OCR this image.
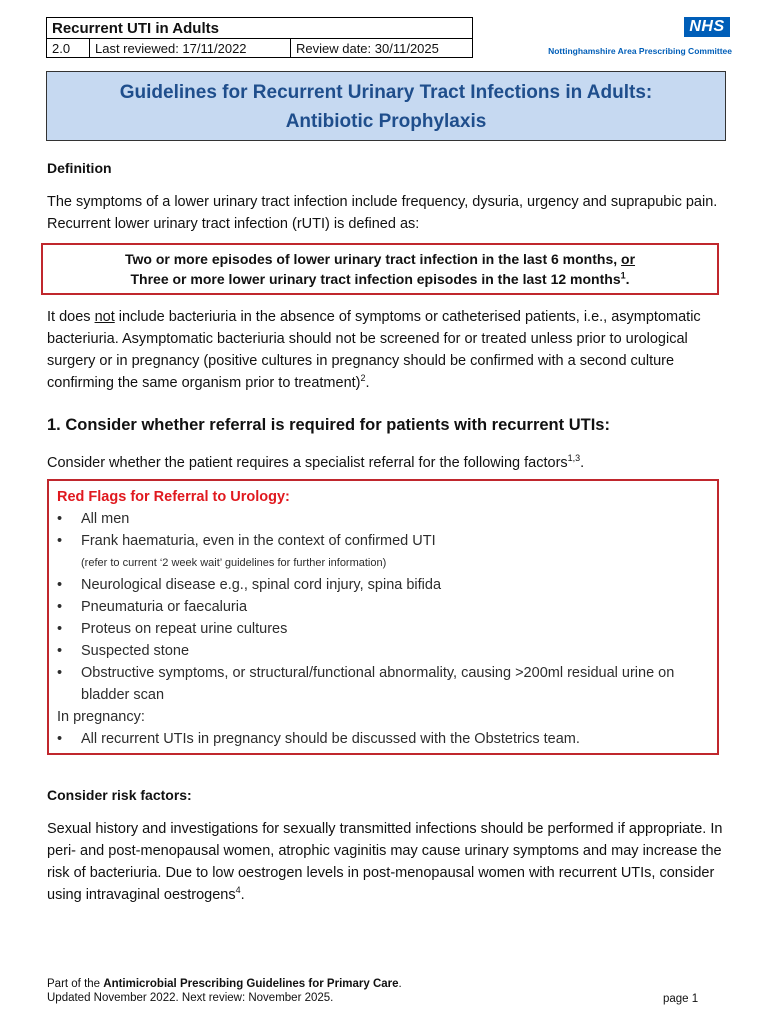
Recurrent UTI in Adults
2.0	Last reviewed: 17/11/2022	Review date: 30/11/2025
NHS
Nottinghamshire Area Prescribing Committee
Guidelines for Recurrent Urinary Tract Infections in Adults:
Antibiotic Prophylaxis
Definition
The symptoms of a lower urinary tract infection include frequency, dysuria, urgency and suprapubic pain. Recurrent lower urinary tract infection (rUTI) is defined as:
Two or more episodes of lower urinary tract infection in the last 6 months, or
Three or more lower urinary tract infection episodes in the last 12 months$^1$.
It does not include bacteriuria in the absence of symptoms or catheterised patients, i.e., asymptomatic bacteriuria. Asymptomatic bacteriuria should not be screened for or treated unless prior to urological surgery or in pregnancy (positive cultures in pregnancy should be confirmed with a second culture confirming the same organism prior to treatment)$^2$.
1. Consider whether referral is required for patients with recurrent UTIs:
Consider whether the patient requires a specialist referral for the following factors$^{1,3}$.
Red Flags for Referral to Urology:
• All men
• Frank haematuria, even in the context of confirmed UTI
(refer to current ‘2 week wait’ guidelines for further information)
• Neurological disease e.g., spinal cord injury, spina bifida
• Pneumaturia or faecaluria
• Proteus on repeat urine cultures
• Suspected stone
• Obstructive symptoms, or structural/functional abnormality, causing >200ml residual urine on bladder scan
In pregnancy:
• All recurrent UTIs in pregnancy should be discussed with the Obstetrics team.
Consider risk factors:
Sexual history and investigations for sexually transmitted infections should be performed if appropriate. In peri- and post-menopausal women, atrophic vaginitis may cause urinary symptoms and may increase the risk of bacteriuria. Due to low oestrogen levels in post-menopausal women with recurrent UTIs, consider using intravaginal oestrogens$^4$.
Part of the Antimicrobial Prescribing Guidelines for Primary Care.
Updated November 2022. Next review: November 2025.	page 1
